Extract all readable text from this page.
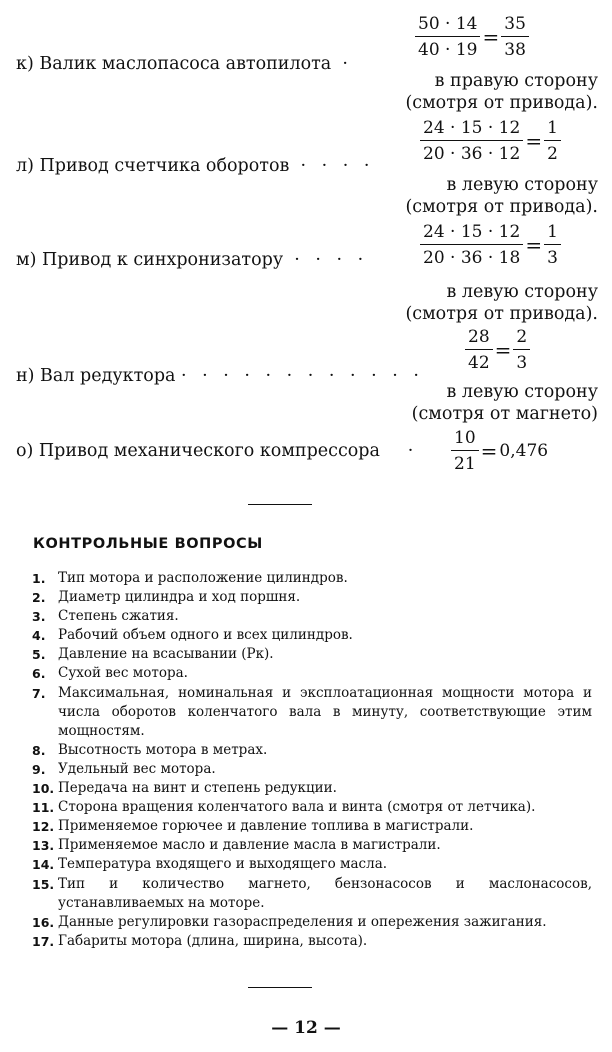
$\frac{50 \cdot 14}{40 \cdot 19} = \frac{35}{38}$
к) Валик маслопасоса автопилота ·
в правую сторону
(смотря от привода).
$\frac{24 \cdot 15 \cdot 12}{20 \cdot 36 \cdot 12} = \frac{1}{2}$
л) Привод счетчика оборотов · · · ·
в левую сторону
(смотря от привода).
$\frac{24 \cdot 15 \cdot 12}{20 \cdot 36 \cdot 18} = \frac{1}{3}$
м) Привод к синхронизатору · · · ·
в левую сторону
(смотря от привода).
$\frac{28}{42} = \frac{2}{3}$
н) Вал редуктора · · · · · · · · · · · ·
в левую сторону
(смотря от магнето)
$\frac{10}{21} = 0,476$
о) Привод механического компрессора ·
КОНТРОЛЬНЫЕ ВОПРОСЫ
1. Тип мотора и расположение цилиндров.
2. Диаметр цилиндра и ход поршня.
3. Степень сжатия.
4. Рабочий объем одного и всех цилиндров.
5. Давление на всасывании (Pк).
6. Сухой вес мотора.
7. Максимальная, номинальная и эксплоатационная мощности мотора и числа оборотов коленчатого вала в минуту, соответствующие этим мощностям.
8. Высотность мотора в метрах.
9. Удельный вес мотора.
10. Передача на винт и степень редукции.
11. Сторона вращения коленчатого вала и винта (смотря от летчика).
12. Применяемое горючее и давление топлива в магистрали.
13. Применяемое масло и давление масла в магистрали.
14. Температура входящего и выходящего масла.
15. Тип и количество магнето, бензонасосов и маслонасосов, устанавливаемых на моторе.
16. Данные регулировки газораспределения и опережения зажигания.
17. Габариты мотора (длина, ширина, высота).
— 12 —
